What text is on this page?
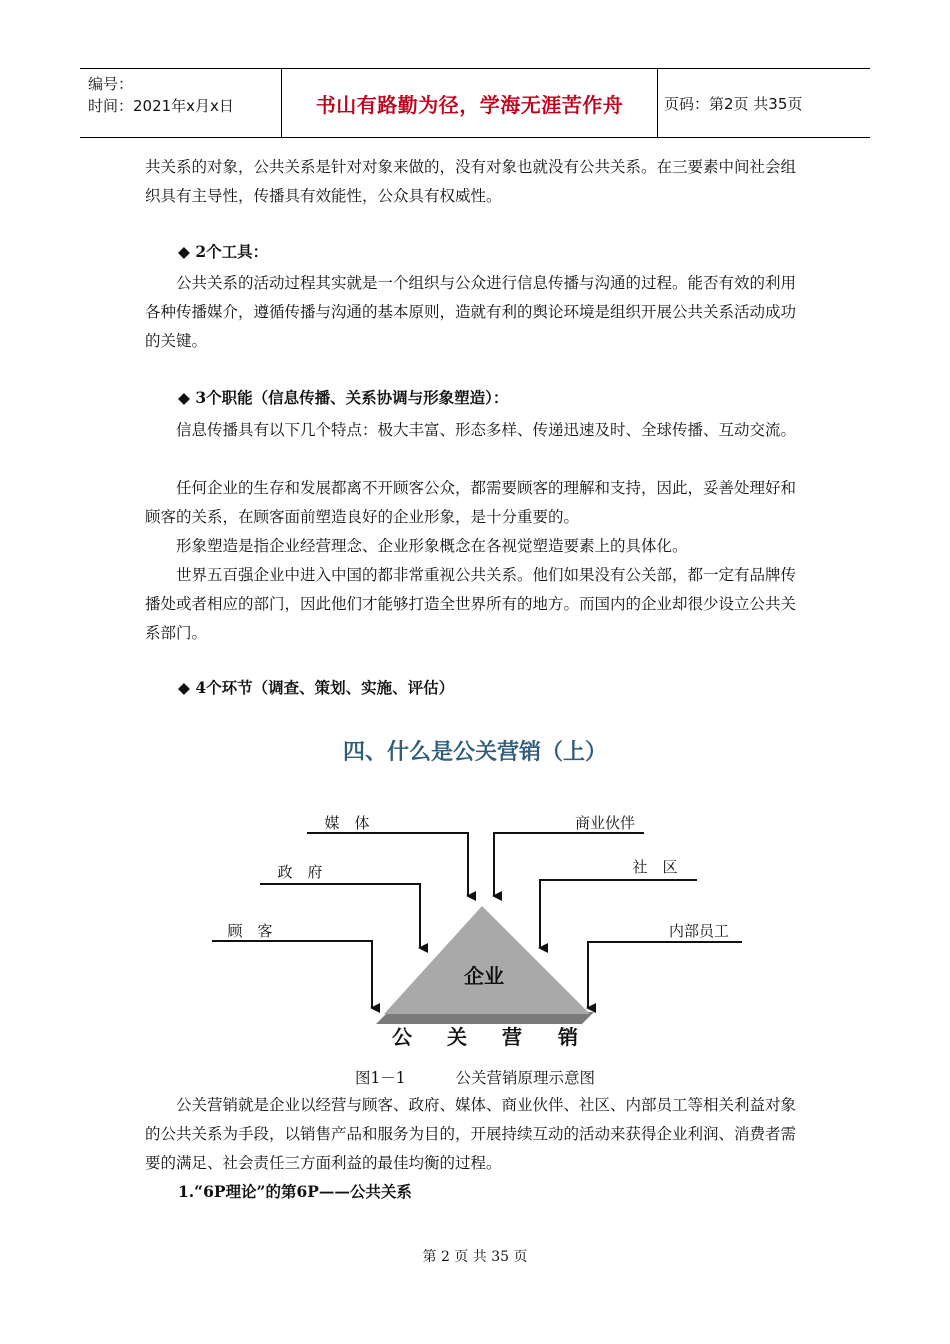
编号：
时间：2021年x月x日	书山有路勤为径，学海无涯苦作舟	页码：第2页 共35页

共关系的对象，公共关系是针对对象来做的，没有对象也就没有公共关系。在三要素中间社会组织具有主导性，传播具有效能性，公众具有权威性。

◆ 2个工具：

公共关系的活动过程其实就是一个组织与公众进行信息传播与沟通的过程。能否有效的利用各种传播媒介，遵循传播与沟通的基本原则，造就有利的舆论环境是组织开展公共关系活动成功的关键。

◆ 3个职能（信息传播、关系协调与形象塑造）：

信息传播具有以下几个特点：极大丰富、形态多样、传递迅速及时、全球传播、互动交流。

任何企业的生存和发展都离不开顾客公众，都需要顾客的理解和支持，因此，妥善处理好和顾客的关系，在顾客面前塑造良好的企业形象，是十分重要的。

形象塑造是指企业经营理念、企业形象概念在各视觉塑造要素上的具体化。

世界五百强企业中进入中国的都非常重视公共关系。他们如果没有公关部，都一定有品牌传播处或者相应的部门，因此他们才能够打造全世界所有的地方。而国内的企业却很少设立公共关系部门。

◆ 4个环节（调查、策划、实施、评估）

四、什么是公关营销（上）
企业
媒　体	商业伙伴
政　府	社　区
顾　客	内部员工
公 关 营 销

图1－1	公关营销原理示意图

公关营销就是企业以经营与顾客、政府、媒体、商业伙伴、社区、内部员工等相关利益对象的公共关系为手段，以销售产品和服务为目的，开展持续互动的活动来获得企业利润、消费者需要的满足、社会责任三方面利益的最佳均衡的过程。

1.“6P理论”的第6P——公共关系

第 2 页 共 35 页
